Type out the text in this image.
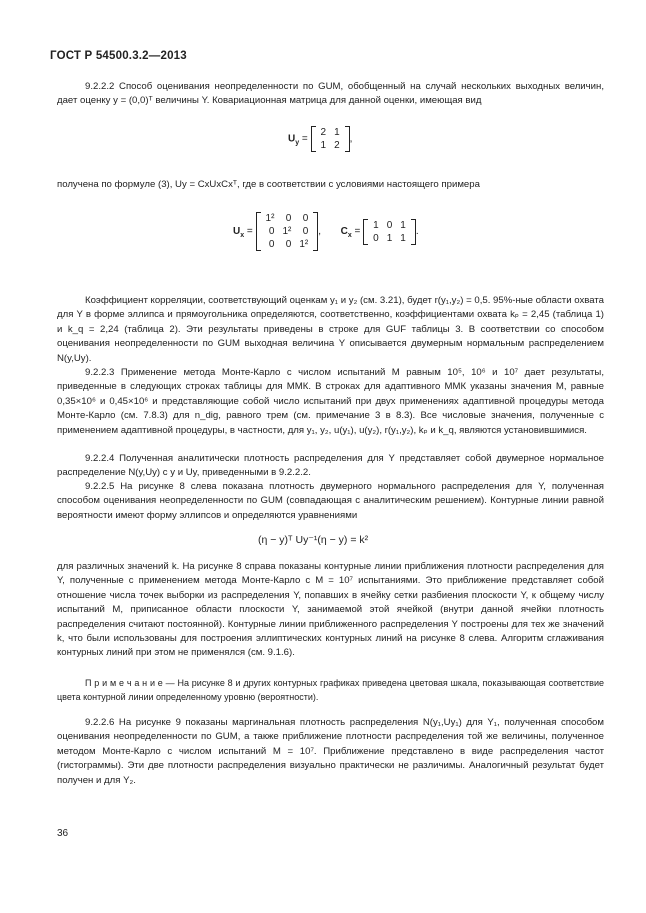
ГОСТ Р 54500.3.2—2013
9.2.2.2 Способ оценивания неопределенности по GUM, обобщенный на случай нескольких выходных величин, дает оценку y = (0,0)ᵀ величины Y. Ковариационная матрица для данной оценки, имеющая вид
$U_y$ =
2	1
1	2
,
получена по формуле (3), Uy = CxUxCxᵀ, где в соответствии с условиями настоящего примера
$U_x$ =
1²	0	0
0	1²	0
0	0	1²
, $C_x$ =
1	0	1
0	1	1
.
Коэффициент корреляции, соответствующий оценкам y₁ и y₂ (см. 3.21), будет r(y₁,y₂) = 0,5. 95%-ные области охвата для Y в форме эллипса и прямоугольника определяются, соответственно, коэффициентами охвата kₚ = 2,45 (таблица 1) и k_q = 2,24 (таблица 2). Эти результаты приведены в строке для GUF таблицы 3. В соответствии со способом оценивания неопределенности по GUM выходная величина Y описывается двумерным нормальным распределением N(y,Uy).
9.2.2.3 Применение метода Монте-Карло с числом испытаний M равным 10⁵, 10⁶ и 10⁷ дает результаты, приведенные в следующих строках таблицы для ММК. В строках для адаптивного ММК указаны значения M, равные 0,35×10⁶ и 0,45×10⁶ и представляющие собой число испытаний при двух применениях адаптивной процедуры метода Монте-Карло (см. 7.8.3) для n_dig, равного трем (см. примечание 3 в 8.3). Все числовые значения, полученные с применением адаптивной процедуры, в частности, для y₁, y₂, u(y₁), u(y₂), r(y₁,y₂), kₚ и k_q, являются установившимися.
9.2.2.4 Полученная аналитически плотность распределения для Y представляет собой двумерное нормальное распределение N(y,Uy) с y и Uy, приведенными в 9.2.2.2.
9.2.2.5 На рисунке 8 слева показана плотность двумерного нормального распределения для Y, полученная способом оценивания неопределенности по GUM (совпадающая с аналитическим решением). Контурные линии равной вероятности имеют форму эллипсов и определяются уравнениями
(η − y)ᵀ Uy⁻¹(η − y) = k²
для различных значений k. На рисунке 8 справа показаны контурные линии приближения плотности распределения для Y, полученные с применением метода Монте-Карло с M = 10⁷ испытаниями. Это приближение представляет собой отношение числа точек выборки из распределения Y, попавших в ячейку сетки разбиения плоскости Y, к общему числу испытаний M, приписанное области плоскости Y, занимаемой этой ячейкой (внутри данной ячейки плотность распределения считают постоянной). Контурные линии приближенного распределения Y построены для тех же значений k, что были использованы для построения эллиптических контурных линий на рисунке 8 слева. Алгоритм сглаживания контурных линий при этом не применялся (см. 9.1.6).
П р и м е ч а н и е — На рисунке 8 и других контурных графиках приведена цветовая шкала, показывающая соответствие цвета контурной линии определенному уровню (вероятности).
9.2.2.6 На рисунке 9 показаны маргинальная плотность распределения N(y₁,Uy₁) для Y₁, полученная способом оценивания неопределенности по GUM, а также приближение плотности распределения той же величины, полученное методом Монте-Карло с числом испытаний M = 10⁷. Приближение представлено в виде распределения частот (гистограммы). Эти две плотности распределения визуально практически не различимы. Аналогичный результат будет получен и для Y₂.
36
